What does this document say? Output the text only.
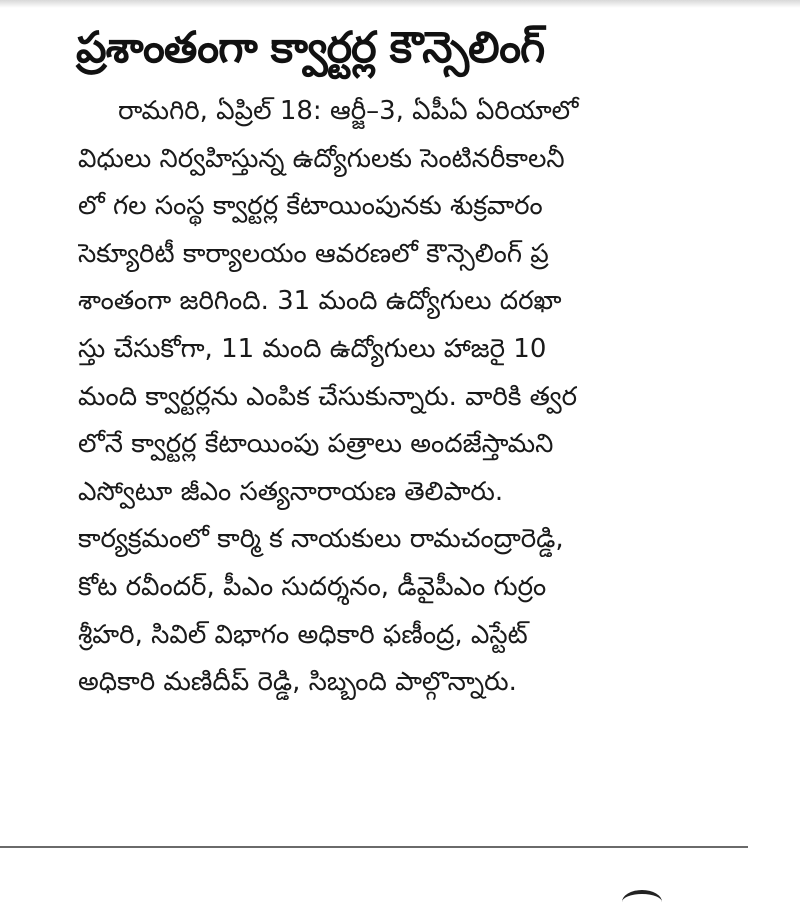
ప్రశాంతంగా క్వార్టర్ల కౌన్సెలింగ్
రామగిరి, ఏప్రిల్ 18: ఆర్జీ–3, ఏపీఏ ఏరియాలో
విధులు నిర్వహిస్తున్న ఉద్యోగులకు సెంటినరీకాలనీ
లో గల సంస్థ క్వార్టర్ల కేటాయింపునకు శుక్రవారం
సెక్యూరిటీ కార్యాలయం ఆవరణలో కౌన్సెలింగ్ ప్ర
శాంతంగా జరిగింది. 31 మంది ఉద్యోగులు దరఖా
స్తు చేసుకోగా, 11 మంది ఉద్యోగులు హాజరై 10
మంది క్వార్టర్లను ఎంపిక చేసుకున్నారు. వారికి త్వర
లోనే క్వార్టర్ల కేటాయింపు పత్రాలు అందజేస్తామని
ఎస్వోటూ జీఎం సత్యనారాయణ తెలిపారు.
కార్యక్రమంలో కార్మి క నాయకులు రామచంద్రారెడ్డి,
కోట రవీందర్, పీఎం సుదర్శనం, డీవైపీఎం గుర్రం
శ్రీహరి, సివిల్ విభాగం అధికారి ఫణీంద్ర, ఎస్టేట్
అధికారి మణిదీప్ రెడ్డి, సిబ్బంది పాల్గొన్నారు.
